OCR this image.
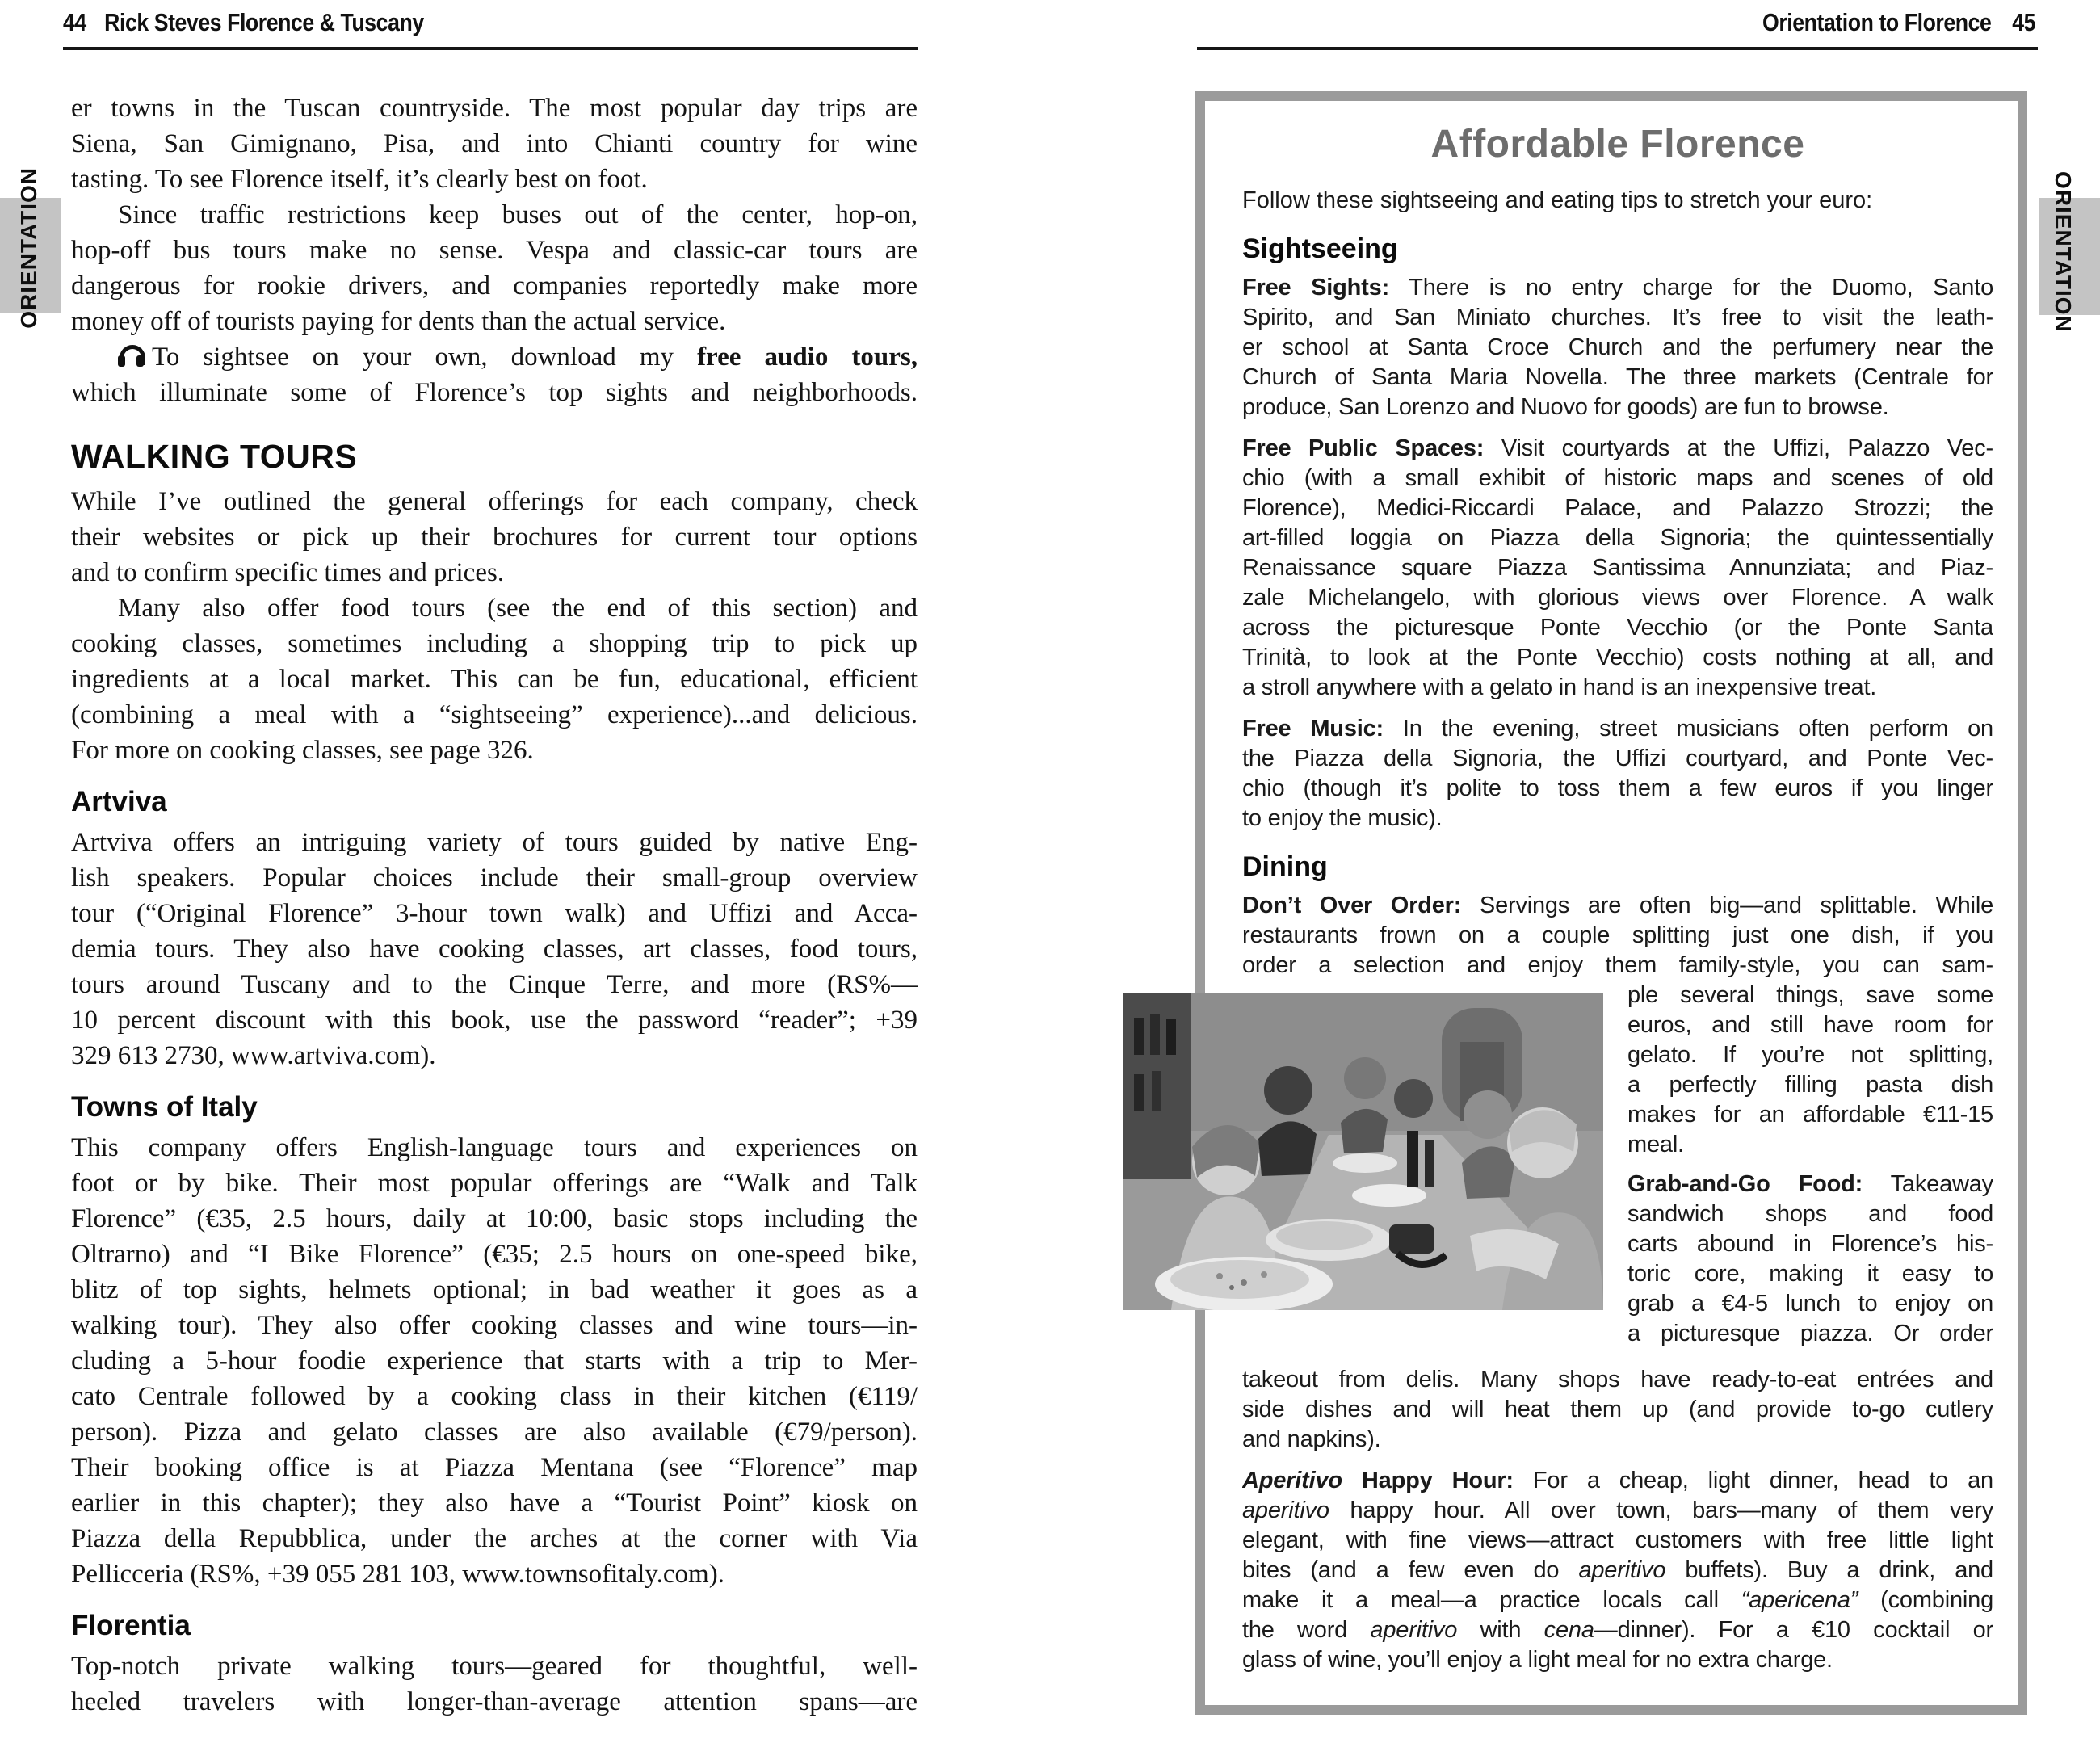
44 Rick Steves Florence & Tuscany	Orientation to Florence 45
ORIENTATION	ORIENTATION
er towns in the Tuscan countryside. The most popular day trips are
Siena, San Gimignano, Pisa, and into Chianti country for wine
tasting. To see Florence itself, it’s clearly best on foot.
Since traffic restrictions keep buses out of the center, hop-on,
hop-off bus tours make no sense. Vespa and classic-car tours are
dangerous for rookie drivers, and companies reportedly make more
money off of tourists paying for dents than the actual service.
To sightsee on your own, download my free audio tours,
which illuminate some of Florence’s top sights and neighborhoods.
WALKING TOURS
While I’ve outlined the general offerings for each company, check
their websites or pick up their brochures for current tour options
and to confirm specific times and prices.
Many also offer food tours (see the end of this section) and
cooking classes, sometimes including a shopping trip to pick up
ingredients at a local market. This can be fun, educational, efficient
(combining a meal with a “sightseeing” experience)...and delicious.
For more on cooking classes, see page 326.
Artviva
Artviva offers an intriguing variety of tours guided by native Eng-
lish speakers. Popular choices include their small-group overview
tour (“Original Florence” 3-hour town walk) and Uffizi and Acca-
demia tours. They also have cooking classes, art classes, food tours,
tours around Tuscany and to the Cinque Terre, and more (RS%—
10 percent discount with this book, use the password “reader”; +39
329 613 2730, www.artviva.com).
Towns of Italy
This company offers English-language tours and experiences on
foot or by bike. Their most popular offerings are “Walk and Talk
Florence” (€35, 2.5 hours, daily at 10:00, basic stops including the
Oltrarno) and “I Bike Florence” (€35; 2.5 hours on one-speed bike,
blitz of top sights, helmets optional; in bad weather it goes as a
walking tour). They also offer cooking classes and wine tours—in-
cluding a 5-hour foodie experience that starts with a trip to Mer-
cato Centrale followed by a cooking class in their kitchen (€119/
person). Pizza and gelato classes are also available (€79/person).
Their booking office is at Piazza Mentana (see “Florence” map
earlier in this chapter); they also have a “Tourist Point” kiosk on
Piazza della Repubblica, under the arches at the corner with Via
Pellicceria (RS%, +39 055 281 103, www.townsofitaly.com).
Florentia
Top-notch private walking tours—geared for thoughtful, well-
heeled travelers with longer-than-average attention spans—are
Affordable Florence
Follow these sightseeing and eating tips to stretch your euro:
Sightseeing
Free Sights: There is no entry charge for the Duomo, Santo
Spirito, and San Miniato churches. It’s free to visit the leath-
er school at Santa Croce Church and the perfumery near the
Church of Santa Maria Novella. The three markets (Centrale for
produce, San Lorenzo and Nuovo for goods) are fun to browse.
Free Public Spaces: Visit courtyards at the Uffizi, Palazzo Vec-
chio (with a small exhibit of historic maps and scenes of old
Florence), Medici-Riccardi Palace, and Palazzo Strozzi; the
art-filled loggia on Piazza della Signoria; the quintessentially
Renaissance square Piazza Santissima Annunziata; and Piaz-
zale Michelangelo, with glorious views over Florence. A walk
across the picturesque Ponte Vecchio (or the Ponte Santa
Trinità, to look at the Ponte Vecchio) costs nothing at all, and
a stroll anywhere with a gelato in hand is an inexpensive treat.
Free Music: In the evening, street musicians often perform on
the Piazza della Signoria, the Uffizi courtyard, and Ponte Vec-
chio (though it’s polite to toss them a few euros if you linger
to enjoy the music).
Dining
Don’t Over Order: Servings are often big—and splittable. While
restaurants frown on a couple splitting just one dish, if you
order a selection and enjoy them family-style, you can sam-
ple several things, save some
euros, and still have room for
gelato. If you’re not splitting,
a perfectly filling pasta dish
makes for an affordable €11-15
meal.
Grab-and-Go Food: Takeaway
sandwich shops and food
carts abound in Florence’s his-
toric core, making it easy to
grab a €4-5 lunch to enjoy on
a picturesque piazza. Or order
takeout from delis. Many shops have ready-to-eat entrées and
side dishes and will heat them up (and provide to-go cutlery
and napkins).
Aperitivo Happy Hour: For a cheap, light dinner, head to an
aperitivo happy hour. All over town, bars—many of them very
elegant, with fine views—attract customers with free little light
bites (and a few even do aperitivo buffets). Buy a drink, and
make it a meal—a practice locals call “apericena” (combining
the word aperitivo with cena—dinner). For a €10 cocktail or
glass of wine, you’ll enjoy a light meal for no extra charge.
